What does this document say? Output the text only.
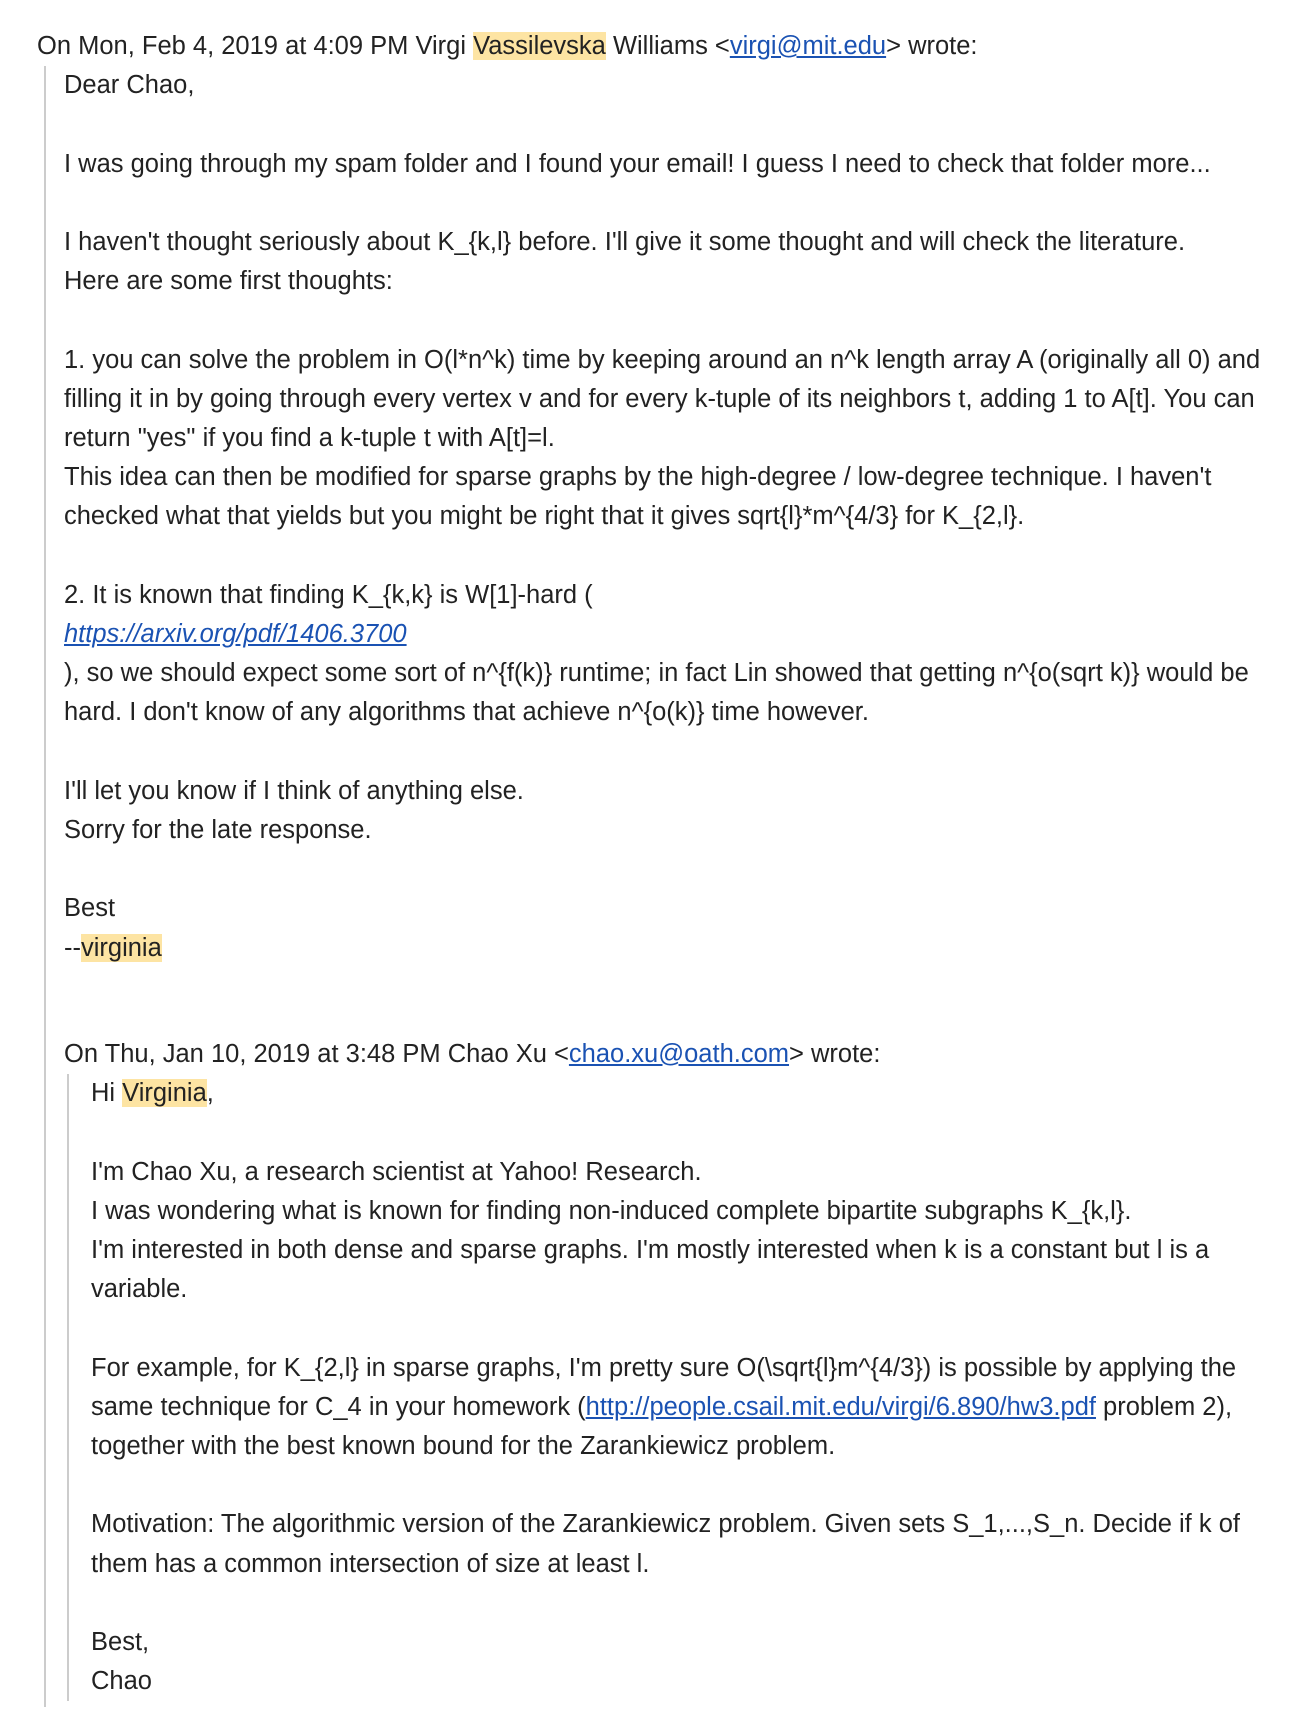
On Mon, Feb 4, 2019 at 4:09 PM Virgi Vassilevska Williams <virgi@mit.edu> wrote:
Dear Chao,
I was going through my spam folder and I found your email! I guess I need to check that folder more...
I haven't thought seriously about K_{k,l} before. I'll give it some thought and will check the literature.
Here are some first thoughts:
1. you can solve the problem in O(l*n^k) time by keeping around an n^k length array A (originally all 0) and
filling it in by going through every vertex v and for every k-tuple of its neighbors t, adding 1 to A[t]. You can
return "yes" if you find a k-tuple t with A[t]=l.
This idea can then be modified for sparse graphs by the high-degree / low-degree technique. I haven't
checked what that yields but you might be right that it gives sqrt{l}*m^{4/3} for K_{2,l}.
2. It is known that finding K_{k,k} is W[1]-hard (
https://arxiv.org/pdf/1406.3700
), so we should expect some sort of n^{f(k)} runtime; in fact Lin showed that getting n^{o(sqrt k)} would be
hard. I don't know of any algorithms that achieve n^{o(k)} time however.
I'll let you know if I think of anything else.
Sorry for the late response.
Best
--virginia
On Thu, Jan 10, 2019 at 3:48 PM Chao Xu <chao.xu@oath.com> wrote:
Hi Virginia,
I'm Chao Xu, a research scientist at Yahoo! Research.
I was wondering what is known for finding non-induced complete bipartite subgraphs K_{k,l}.
I'm interested in both dense and sparse graphs. I'm mostly interested when k is a constant but l is a
variable.
For example, for K_{2,l} in sparse graphs, I'm pretty sure O(\sqrt{l}m^{4/3}) is possible by applying the
same technique for C_4 in your homework (http://people.csail.mit.edu/virgi/6.890/hw3.pdf problem 2),
together with the best known bound for the Zarankiewicz problem.
Motivation: The algorithmic version of the Zarankiewicz problem. Given sets S_1,...,S_n. Decide if k of
them has a common intersection of size at least l.
Best,
Chao
